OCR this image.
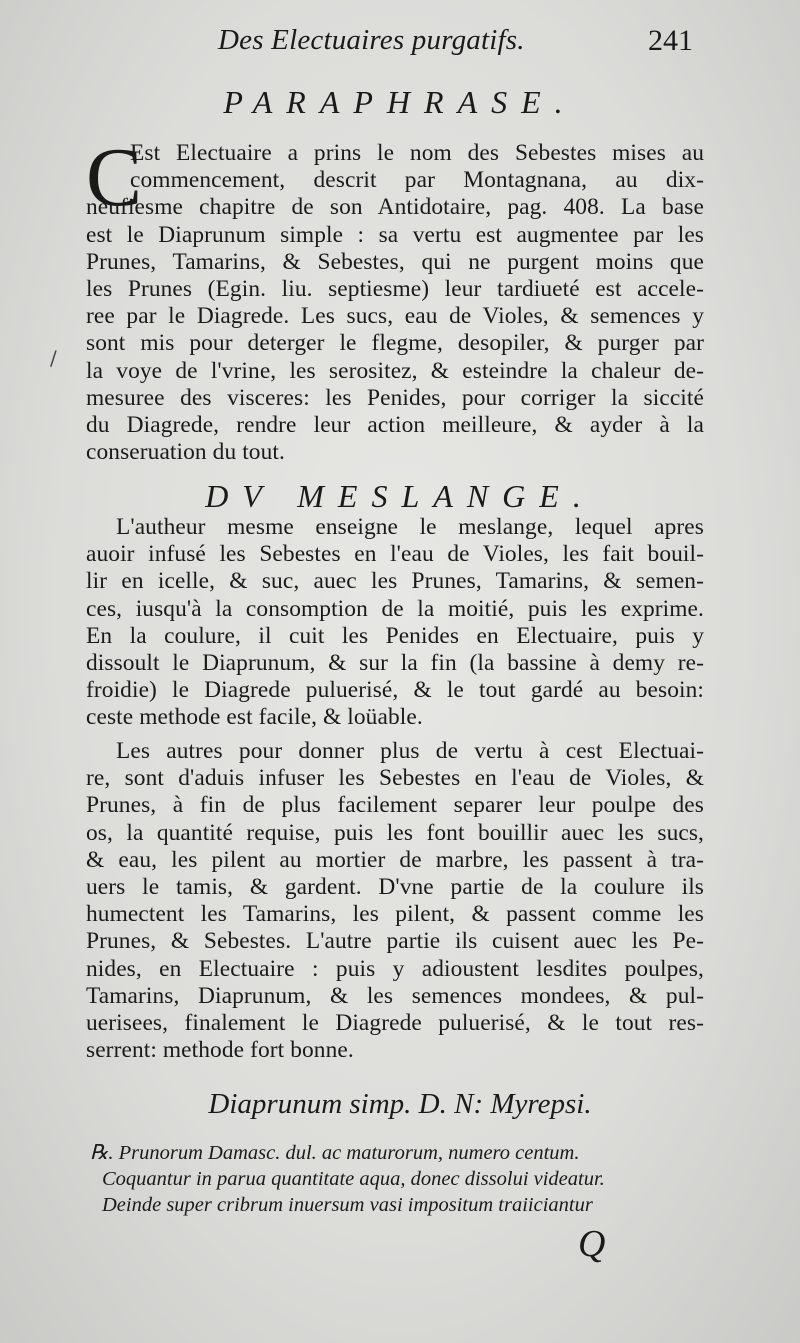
Des Electuaires purgatifs.	241
PARAPHRASE.
C
Est Electuaire a prins le nom des Sebestes mises au
commencement, descrit par Montagnana, au dix-
neufiesme chapitre de son Antidotaire, pag. 408. La base
est le Diaprunum simple : sa vertu est augmentee par les
Prunes, Tamarins, & Sebestes, qui ne purgent moins que
les Prunes (Egin. liu. septiesme) leur tardiueté est accele-
ree par le Diagrede. Les sucs, eau de Violes, & semences y
sont mis pour deterger le flegme, desopiler, & purger par
la voye de l'vrine, les serositez, & esteindre la chaleur de-
mesuree des visceres: les Penides, pour corriger la siccité
du Diagrede, rendre leur action meilleure, & ayder à la
conseruation du tout.
/
DV MESLANGE.
L'autheur mesme enseigne le meslange, lequel apres
auoir infusé les Sebestes en l'eau de Violes, les fait bouil-
lir en icelle, & suc, auec les Prunes, Tamarins, & semen-
ces, iusqu'à la consomption de la moitié, puis les exprime.
En la coulure, il cuit les Penides en Electuaire, puis y
dissoult le Diaprunum, & sur la fin (la bassine à demy re-
froidie) le Diagrede puluerisé, & le tout gardé au besoin:
ceste methode est facile, & loüable.
Les autres pour donner plus de vertu à cest Electuai-
re, sont d'aduis infuser les Sebestes en l'eau de Violes, &
Prunes, à fin de plus facilement separer leur poulpe des
os, la quantité requise, puis les font bouillir auec les sucs,
& eau, les pilent au mortier de marbre, les passent à tra-
uers le tamis, & gardent. D'vne partie de la coulure ils
humectent les Tamarins, les pilent, & passent comme les
Prunes, & Sebestes. L'autre partie ils cuisent auec les Pe-
nides, en Electuaire : puis y adioustent lesdites poulpes,
Tamarins, Diaprunum, & les semences mondees, & pul-
uerisees, finalement le Diagrede puluerisé, & le tout res-
serrent: methode fort bonne.
Diaprunum simp. D. N: Myrepsi.
℞. Prunorum Damasc. dul. ac maturorum, numero centum.
Coquantur in parua quantitate aqua, donec dissolui videatur.
Deinde super cribrum inuersum vasi impositum traiiciantur
Q
